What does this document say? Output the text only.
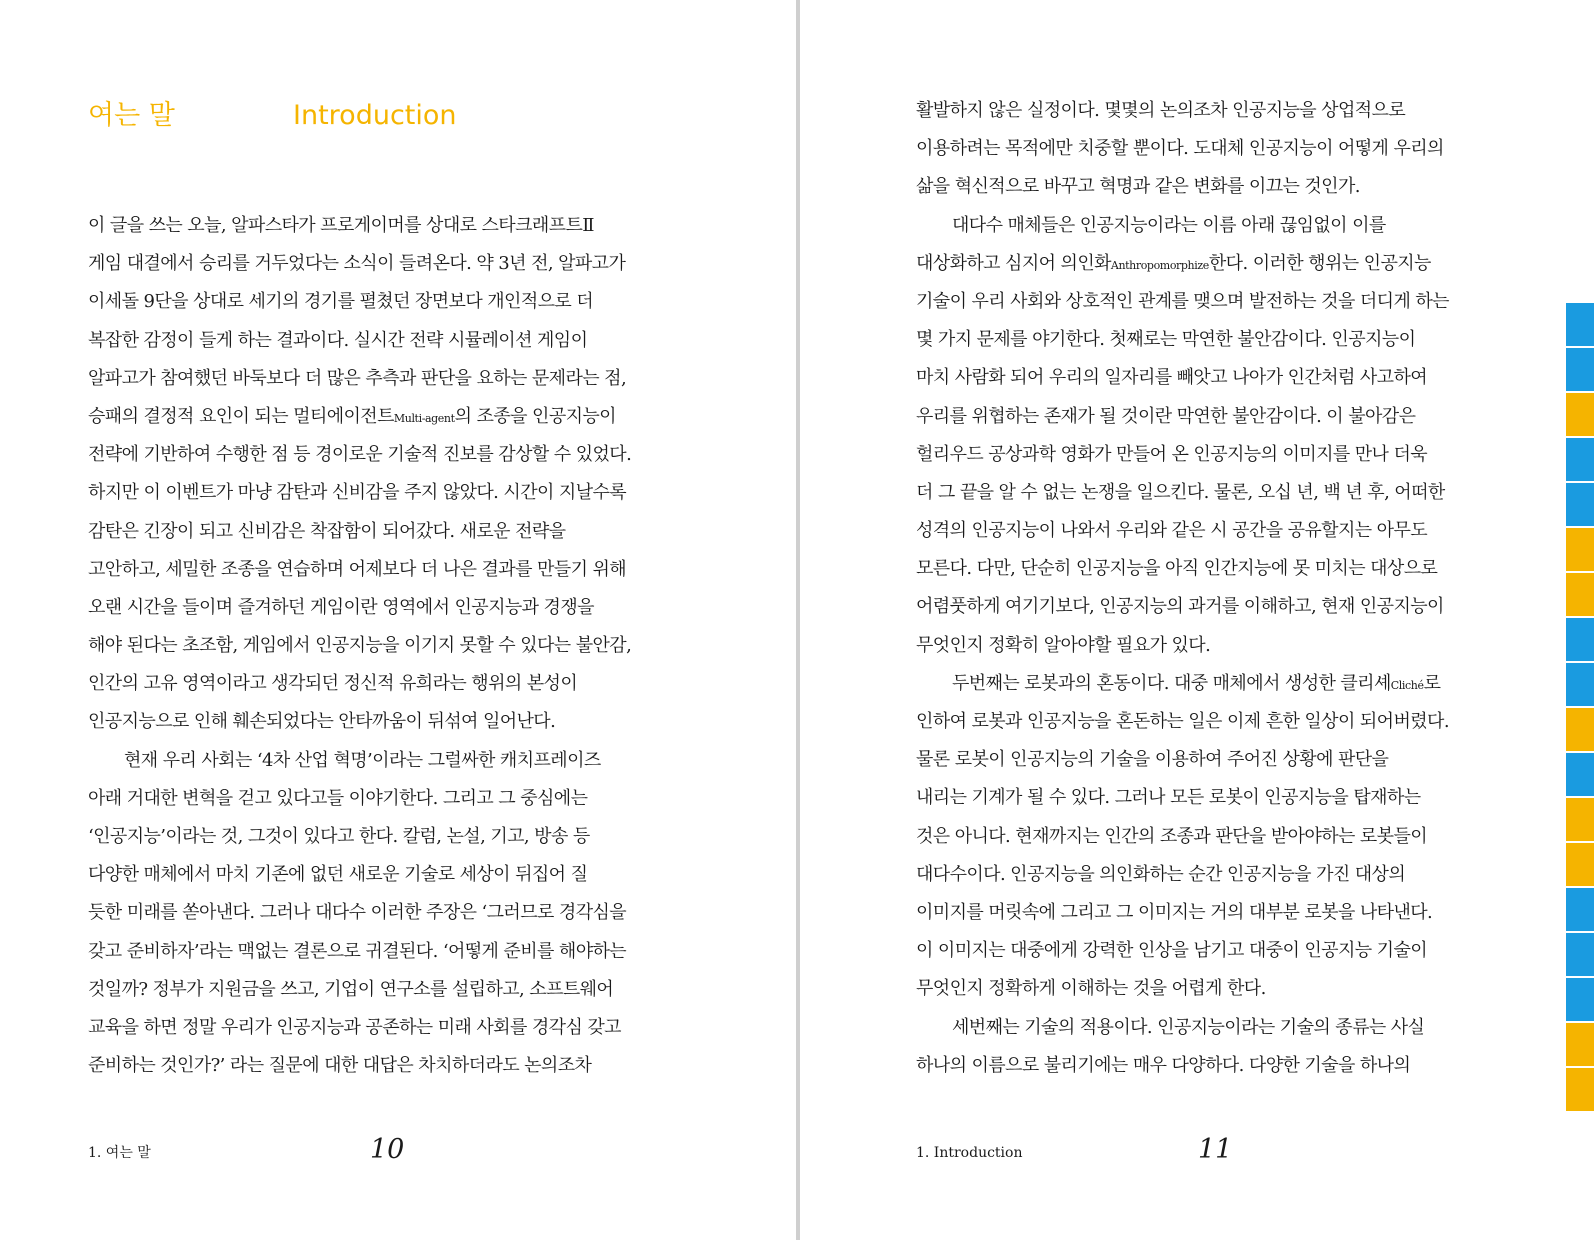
여는 말	Introduction
이 글을 쓰는 오늘, 알파스타가 프로게이머를 상대로 스타크래프트Ⅱ
게임 대결에서 승리를 거두었다는 소식이 들려온다. 약 3년 전, 알파고가
이세돌 9단을 상대로 세기의 경기를 펼쳤던 장면보다 개인적으로 더
복잡한 감정이 들게 하는 결과이다. 실시간 전략 시뮬레이션 게임이
알파고가 참여했던 바둑보다 더 많은 추측과 판단을 요하는 문제라는 점,
승패의 결정적 요인이 되는 멀티에이전트Multi-agent의 조종을 인공지능이
전략에 기반하여 수행한 점 등 경이로운 기술적 진보를 감상할 수 있었다.
하지만 이 이벤트가 마냥 감탄과 신비감을 주지 않았다. 시간이 지날수록
감탄은 긴장이 되고 신비감은 착잡함이 되어갔다. 새로운 전략을
고안하고, 세밀한 조종을 연습하며 어제보다 더 나은 결과를 만들기 위해
오랜 시간을 들이며 즐겨하던 게임이란 영역에서 인공지능과 경쟁을
해야 된다는 초조함, 게임에서 인공지능을 이기지 못할 수 있다는 불안감,
인간의 고유 영역이라고 생각되던 정신적 유희라는 행위의 본성이
인공지능으로 인해 훼손되었다는 안타까움이 뒤섞여 일어난다.
현재 우리 사회는 ‘4차 산업 혁명’이라는 그럴싸한 캐치프레이즈
아래 거대한 변혁을 걷고 있다고들 이야기한다. 그리고 그 중심에는
‘인공지능’이라는 것, 그것이 있다고 한다. 칼럼, 논설, 기고, 방송 등
다양한 매체에서 마치 기존에 없던 새로운 기술로 세상이 뒤집어 질
듯한 미래를 쏟아낸다. 그러나 대다수 이러한 주장은 ‘그러므로 경각심을
갖고 준비하자’라는 맥없는 결론으로 귀결된다. ‘어떻게 준비를 해야하는
것일까? 정부가 지원금을 쓰고, 기업이 연구소를 설립하고, 소프트웨어
교육을 하면 정말 우리가 인공지능과 공존하는 미래 사회를 경각심 갖고
준비하는 것인가?’ 라는 질문에 대한 대답은 차치하더라도 논의조차
1. 여는 말	10
활발하지 않은 실정이다. 몇몇의 논의조차 인공지능을 상업적으로
이용하려는 목적에만 치중할 뿐이다. 도대체 인공지능이 어떻게 우리의
삶을 혁신적으로 바꾸고 혁명과 같은 변화를 이끄는 것인가.
대다수 매체들은 인공지능이라는 이름 아래 끊임없이 이를
대상화하고 심지어 의인화Anthropomorphize한다. 이러한 행위는 인공지능
기술이 우리 사회와 상호적인 관계를 맺으며 발전하는 것을 더디게 하는
몇 가지 문제를 야기한다. 첫째로는 막연한 불안감이다. 인공지능이
마치 사람화 되어 우리의 일자리를 빼앗고 나아가 인간처럼 사고하여
우리를 위협하는 존재가 될 것이란 막연한 불안감이다. 이 불아감은
헐리우드 공상과학 영화가 만들어 온 인공지능의 이미지를 만나 더욱
더 그 끝을 알 수 없는 논쟁을 일으킨다. 물론, 오십 년, 백 년 후, 어떠한
성격의 인공지능이 나와서 우리와 같은 시 공간을 공유할지는 아무도
모른다. 다만, 단순히 인공지능을 아직 인간지능에 못 미치는 대상으로
어렴풋하게 여기기보다, 인공지능의 과거를 이해하고, 현재 인공지능이
무엇인지 정확히 알아야할 필요가 있다.
두번째는 로봇과의 혼동이다. 대중 매체에서 생성한 클리셰Cliché로
인하여 로봇과 인공지능을 혼돈하는 일은 이제 흔한 일상이 되어버렸다.
물론 로봇이 인공지능의 기술을 이용하여 주어진 상황에 판단을
내리는 기계가 될 수 있다. 그러나 모든 로봇이 인공지능을 탑재하는
것은 아니다. 현재까지는 인간의 조종과 판단을 받아야하는 로봇들이
대다수이다. 인공지능을 의인화하는 순간 인공지능을 가진 대상의
이미지를 머릿속에 그리고 그 이미지는 거의 대부분 로봇을 나타낸다.
이 이미지는 대중에게 강력한 인상을 남기고 대중이 인공지능 기술이
무엇인지 정확하게 이해하는 것을 어렵게 한다.
세번째는 기술의 적용이다. 인공지능이라는 기술의 종류는 사실
하나의 이름으로 불리기에는 매우 다양하다. 다양한 기술을 하나의
1. Introduction	11
